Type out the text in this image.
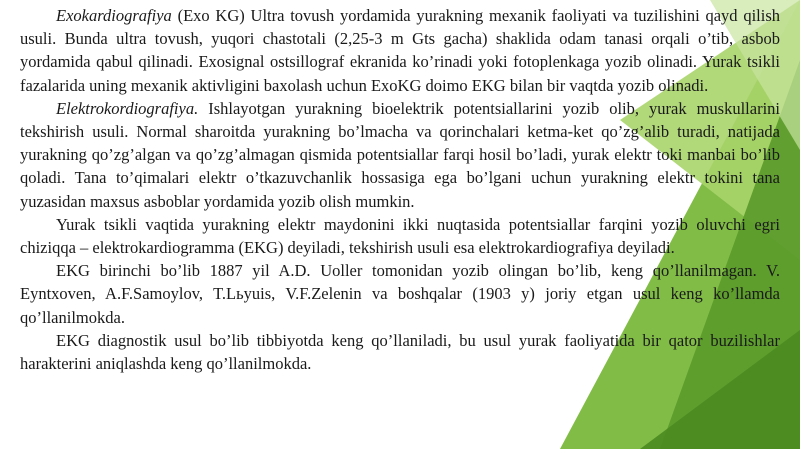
Exokardiografiya (Exo KG) Ultra tovush yordamida yurakning mexanik faoliyati va tuzilishini qayd qilish usuli. Bunda ultra tovush, yuqori chastotali (2,25-3 m Gts gacha) shaklida odam tanasi orqali o’tib, asbob yordamida qabul qilinadi. Exosignal ostsillograf ekranida ko’rinadi yoki fotoplenkaga yozib olinadi. Yurak tsikli fazalarida uning mexanik aktivligini baxolash uchun ExoKG doimo EKG bilan bir vaqtda yozib olinadi.

Elektrokordiografiya. Ishlayotgan yurakning bioelektrik potentsiallarini yozib olib, yurak muskullarini tekshirish usuli. Normal sharoitda yurakning bo’lmacha va qorinchalari ketma-ket qo’zg’alib turadi, natijada yurakning qo’zg’algan va qo’zg’almagan qismida potentsiallar farqi hosil bo’ladi, yurak elektr toki manbai bo’lib qoladi. Tana to’qimalari elektr o’tkazuvchanlik hossasiga ega bo’lgani uchun yurakning elektr tokini tana yuzasidan maxsus asboblar yordamida yozib olish mumkin.

Yurak tsikli vaqtida yurakning elektr maydonini ikki nuqtasida potentsiallar farqini yozib oluvchi egri chiziqqa – elektrokardiogramma (EKG) deyiladi, tekshirish usuli esa elektrokardiografiya deyiladi.

EKG birinchi bo’lib 1887 yil A.D. Uoller tomonidan yozib olingan bo’lib, keng qo’llanilmagan. V. Eyntxoven, A.F.Samoylov, T.Lьyuis, V.F.Zelenin va boshqalar (1903 y) joriy etgan usul keng ko’llamda qo’llanilmokda.

EKG diagnostik usul bo’lib tibbiyotda keng qo’llaniladi, bu usul yurak faoliyatida bir qator buzilishlar harakterini aniqlashda keng qo’llanilmokda.
